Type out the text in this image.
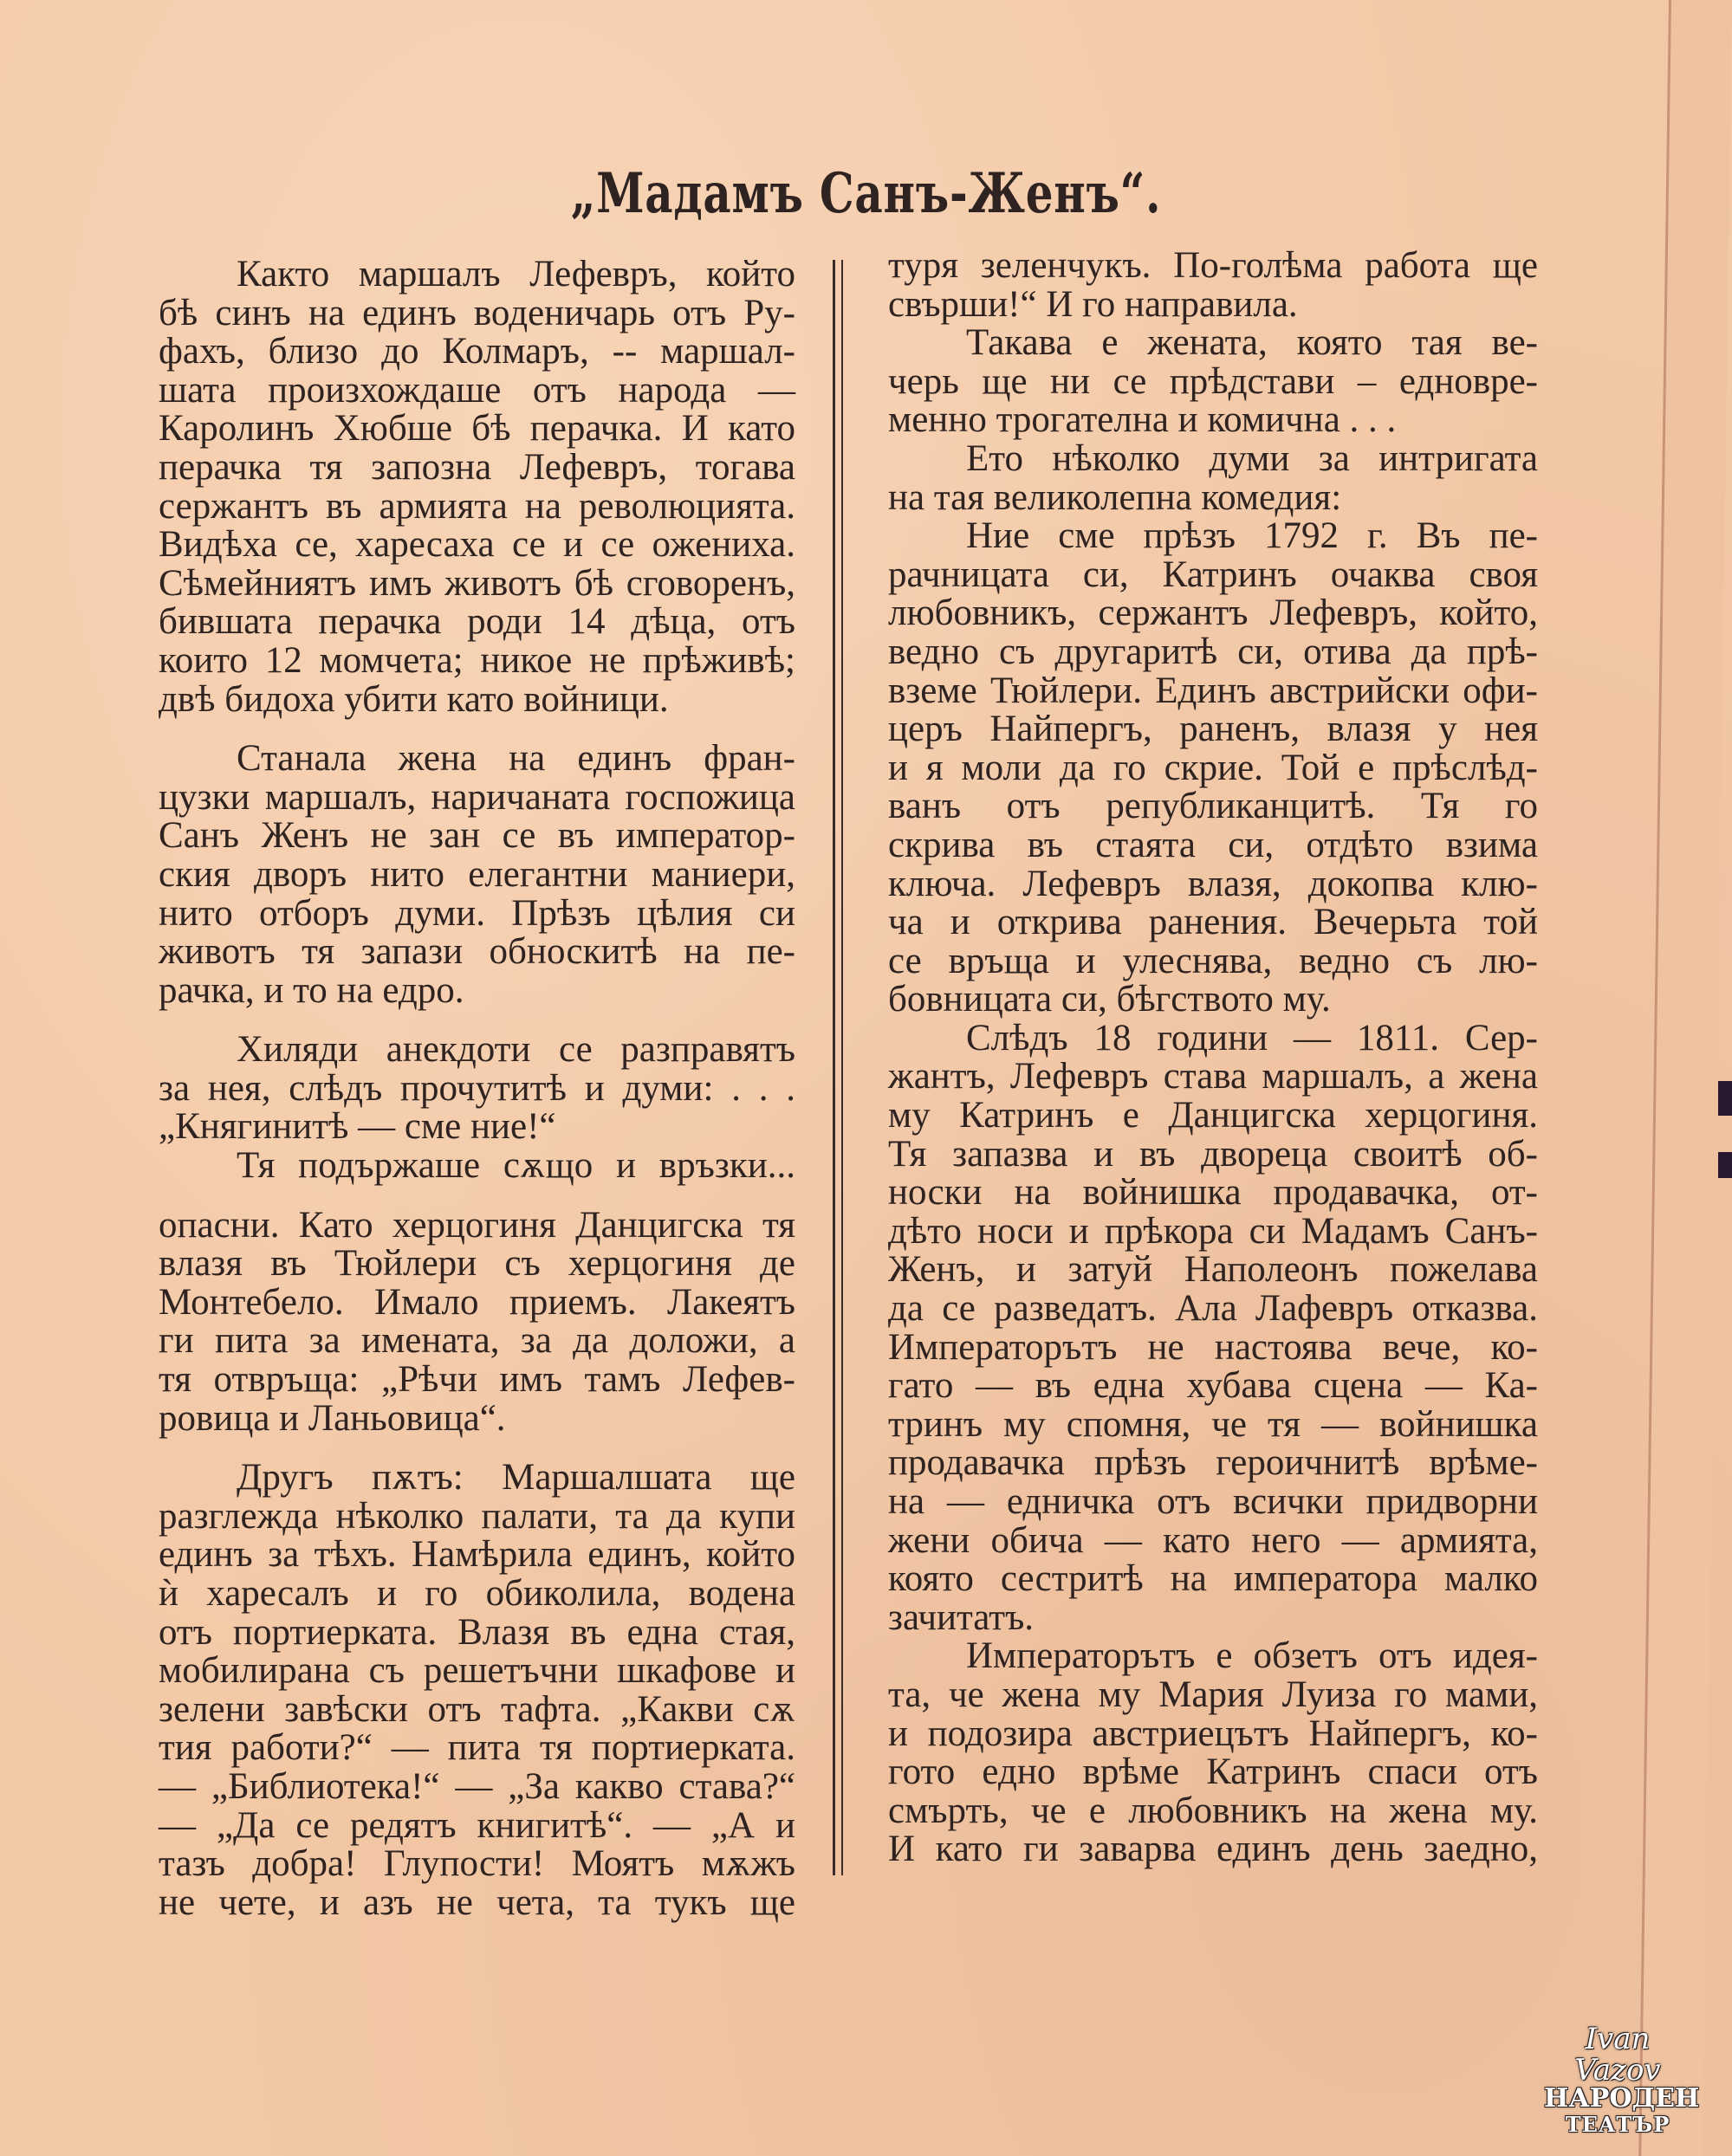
„Мадамъ Санъ-Женъ“.
Както маршалъ Лефевръ, който
бѣ синъ на единъ воденичарь отъ Ру-
фахъ, близо до Колмаръ, -- маршал-
шата произхождаше отъ народа —
Каролинъ Хюбше бѣ перачка. И като
перачка тя запозна Лефевръ, тогава
сержантъ въ армията на революцията.
Видѣха се, харесаха се и се ожениха.
Сѣмейниятъ имъ животъ бѣ сговоренъ,
бившата перачка роди 14 дѣца, отъ
които 12 момчета; никое не прѣживѣ;
двѣ бидоха убити като войници.
Станала жена на единъ фран-
цузки маршалъ, наричаната госпожица
Санъ Женъ не зан се въ император-
ския дворъ нито елегантни маниери,
нито отборъ думи. Прѣзъ цѣлия си
животъ тя запази обноскитѣ на пе-
рачка, и то на едро.
Хиляди анекдоти се разправятъ
за нея, слѣдъ прочутитѣ и думи: . . .
„Княгинитѣ — сме ние!“
Тя подържаше сѫщо и връзки...
опасни. Като херцогиня Данцигска тя
влазя въ Тюйлери съ херцогиня де
Монтебело. Имало приемъ. Лакеятъ
ги пита за имената, за да доложи, а
тя отвръща: „Рѣчи имъ тамъ Лефев-
ровица и Ланьовица“.
Другъ пѫтъ: Маршалшата ще
разглежда нѣколко палати, та да купи
единъ за тѣхъ. Намѣрила единъ, който
ѝ харесалъ и го обиколила, водена
отъ портиерката. Влазя въ една стая,
мобилирана съ решетъчни шкафове и
зелени завѣски отъ тафта. „Какви сѫ
тия работи?“ — пита тя портиерката.
— „Библиотека!“ — „За какво става?“
— „Да се редятъ книгитѣ“. — „А и
тазъ добра! Глупости! Моятъ мѫжъ
не чете, и азъ не чета, та тукъ ще
туря зеленчукъ. По-голѣма работа ще
свърши!“ И го направила.
Такава е жената, която тая ве-
черь ще ни се прѣдстави – едновре-
менно трогателна и комична . . .
Ето нѣколко думи за интригата
на тая великолепна комедия:
Ние сме прѣзъ 1792 г. Въ пе-
рачницата си, Катринъ очаква своя
любовникъ, сержантъ Лефевръ, който,
ведно съ другаритѣ си, отива да прѣ-
вземе Тюйлери. Единъ австрийски офи-
церъ Найпергъ, раненъ, влазя у нея
и я моли да го скрие. Той е прѣслѣд-
ванъ отъ републиканцитѣ. Тя го
скрива въ стаята си, отдѣто взима
ключа. Лефевръ влазя, докопва клю-
ча и открива ранения. Вечерьта той
се връща и улеснява, ведно съ лю-
бовницата си, бѣгството му.
Слѣдъ 18 години — 1811. Сер-
жантъ, Лефевръ става маршалъ, а жена
му Катринъ е Данцигска херцогиня.
Тя запазва и въ двореца своитѣ об-
носки на войнишка продавачка, от-
дѣто носи и прѣкора си Мадамъ Санъ-
Женъ, и затуй Наполеонъ пожелава
да се разведатъ. Ала Лафевръ отказва.
Императорътъ не настоява вече, ко-
гато — въ една хубава сцена — Ка-
тринъ му спомня, че тя — войнишка
продавачка прѣзъ героичнитѣ врѣме-
на — едничка отъ всички придворни
жени обича — като него — армията,
която сестритѣ на императора малко
зачитатъ.
Императорътъ е обзетъ отъ идея-
та, че жена му Мария Луиза го мами,
и подозира австриецътъ Найпергъ, ко-
гото едно врѣме Катринъ спаси отъ
смърть, че е любовникъ на жена му.
И като ги заварва единъ день заедно,
Ivan Vazov
НАРОДЕН
ТЕАТЪР
